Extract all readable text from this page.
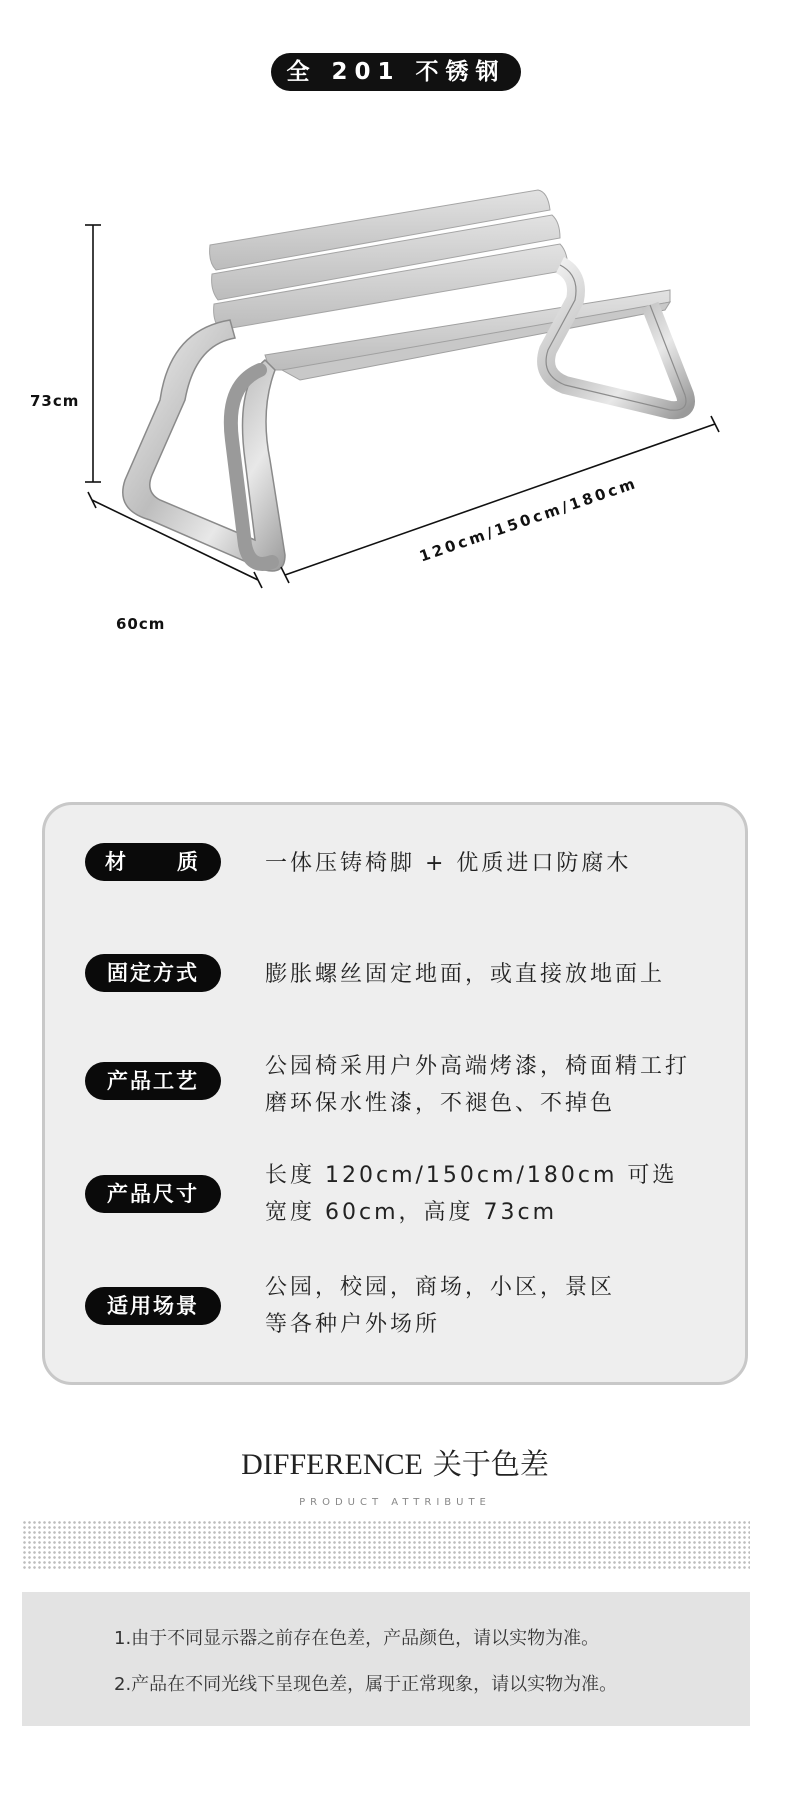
全 201 不锈钢
73cm
60cm
120cm/150cm/180cm
材　　质	一体压铸椅脚 + 优质进口防腐木
固定方式	膨胀螺丝固定地面，或直接放地面上
产品工艺
公园椅采用户外高端烤漆，椅面精工打
磨环保水性漆，不褪色、不掉色
产品尺寸
长度 120cm/150cm/180cm 可选
宽度 60cm，高度 73cm
适用场景
公园，校园，商场，小区，景区
等各种户外场所
DIFFERENCE 关于色差
PRODUCT ATTRIBUTE
1.由于不同显示器之前存在色差，产品颜色，请以实物为准。
2.产品在不同光线下呈现色差，属于正常现象，请以实物为准。
